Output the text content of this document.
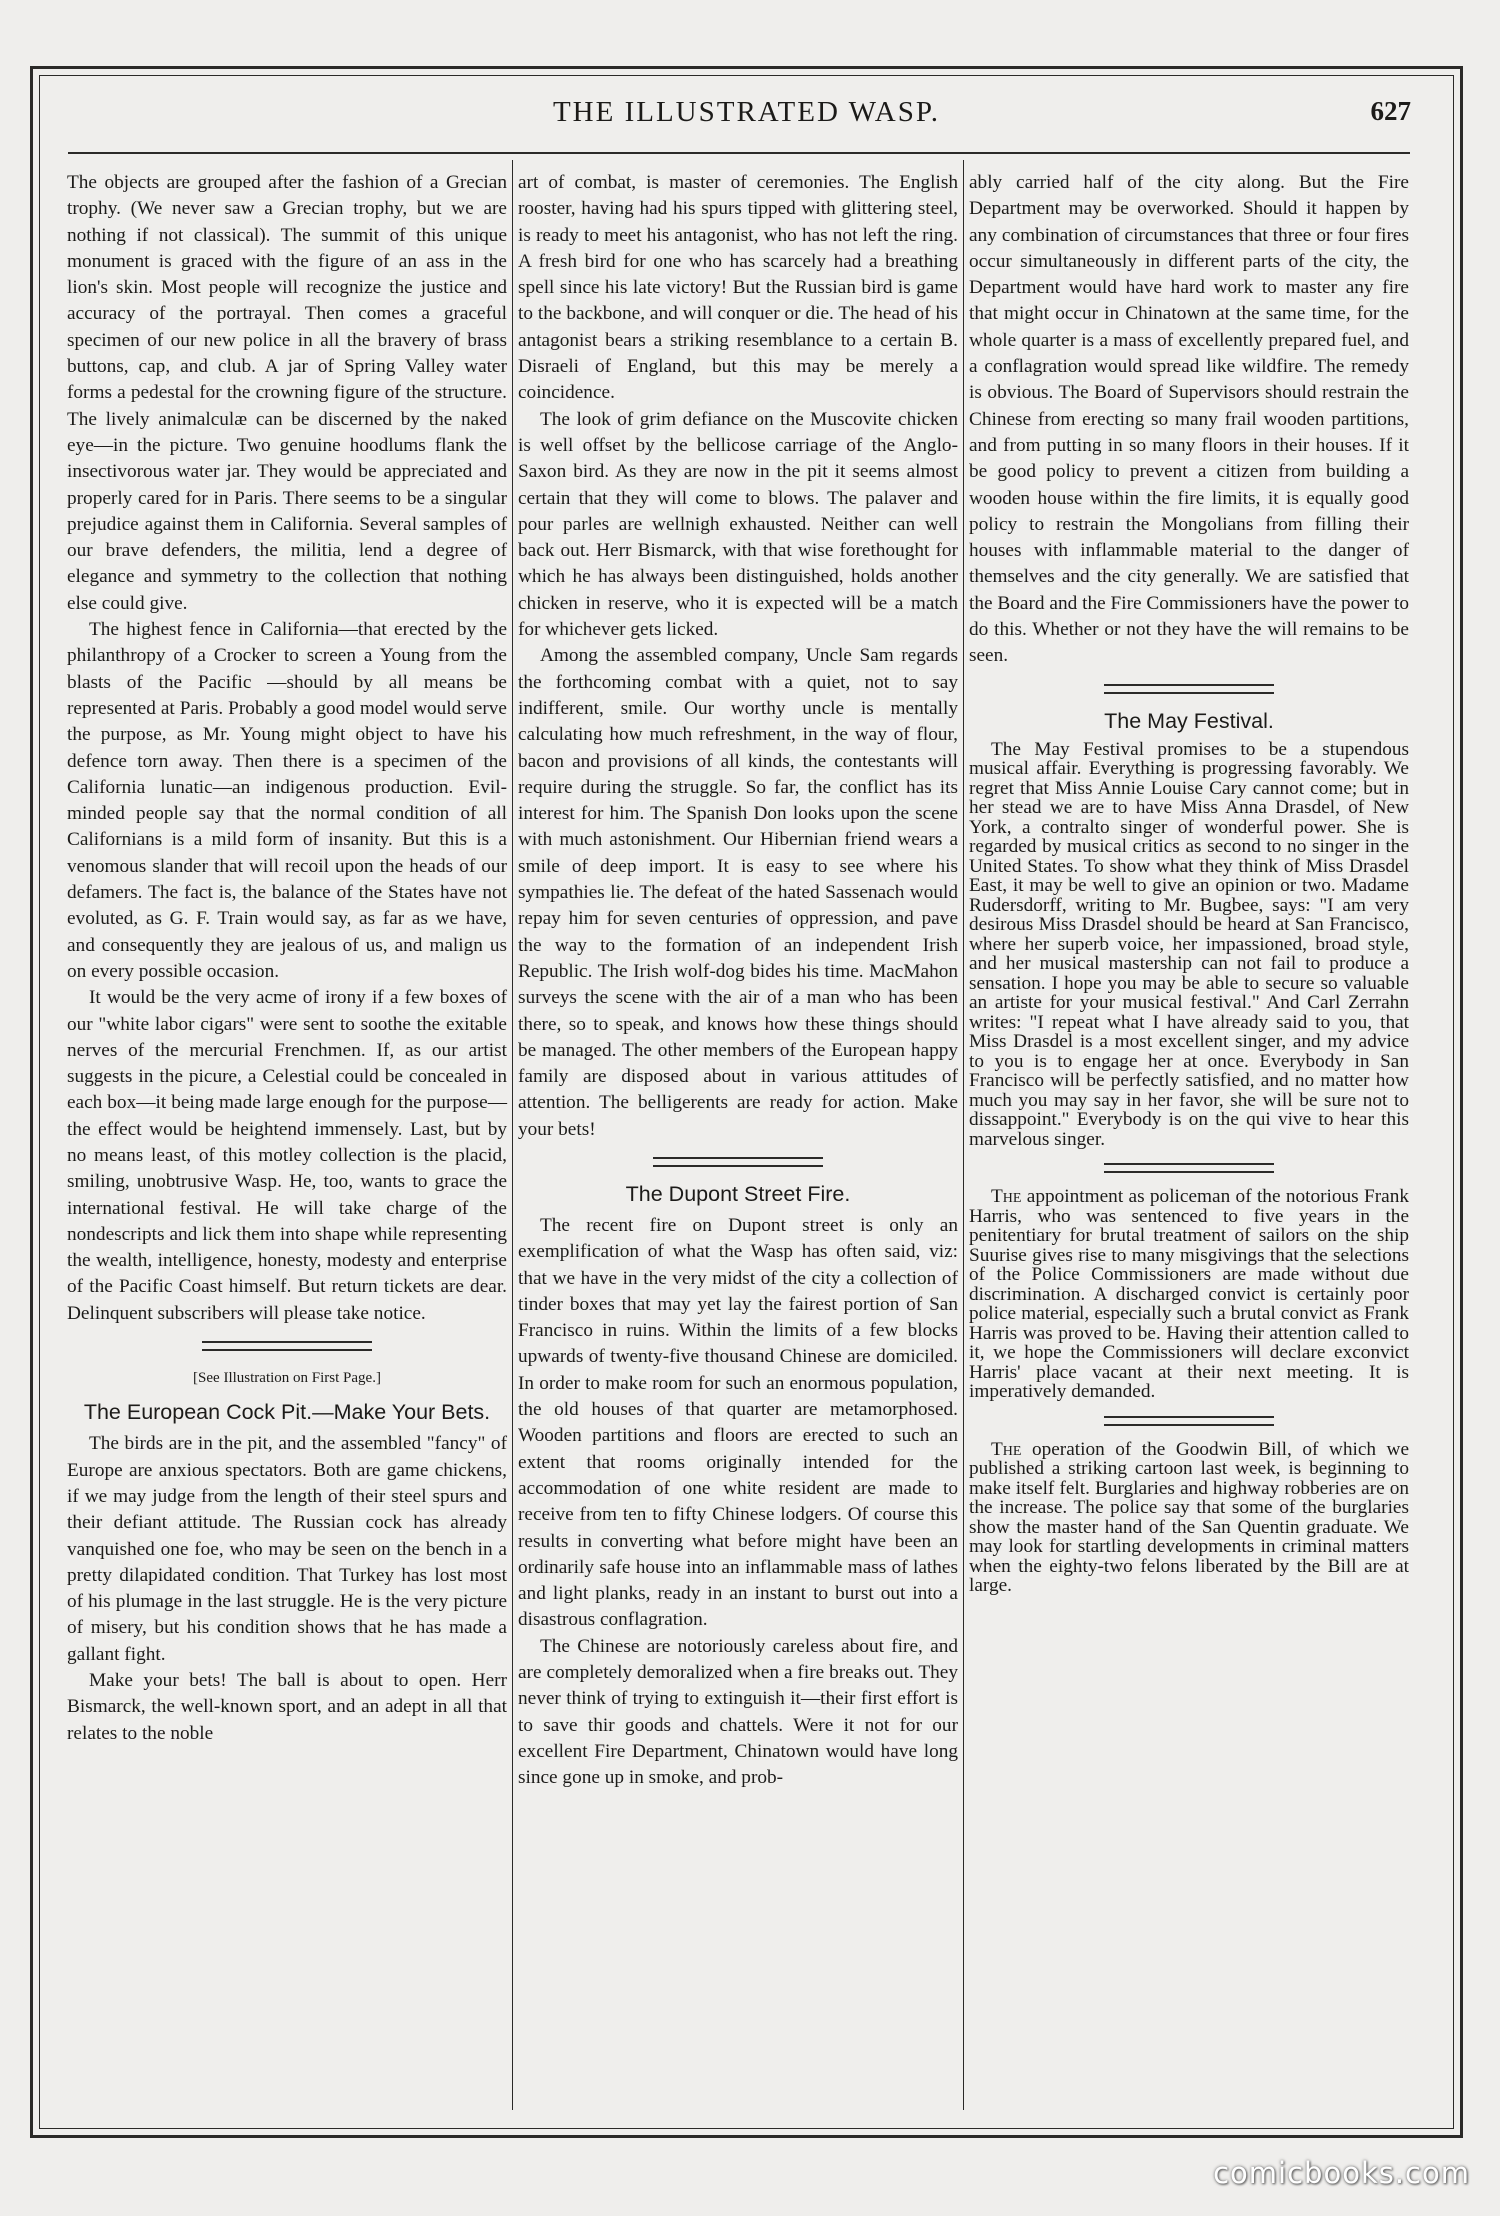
THE ILLUSTRATED WASP.	627

The objects are grouped after the fashion of a Grecian trophy. (We never saw a Grecian trophy, but we are nothing if not classical). The summit of this unique monument is graced with the figure of an ass in the lion's skin. Most people will recognize the justice and accuracy of the portrayal. Then comes a graceful specimen of our new police in all the bravery of brass buttons, cap, and club. A jar of Spring Valley water forms a pedestal for the crowning figure of the structure. The lively animalculæ can be discerned by the naked eye—in the picture. Two genuine hoodlums flank the insectivorous water jar. They would be appreciated and properly cared for in Paris. There seems to be a singular prejudice against them in California. Several samples of our brave defenders, the militia, lend a degree of elegance and symmetry to the collection that nothing else could give.

The highest fence in California—that erected by the philanthropy of a Crocker to screen a Young from the blasts of the Pacific —should by all means be represented at Paris. Probably a good model would serve the purpose, as Mr. Young might object to have his defence torn away. Then there is a specimen of the California lunatic—an indigenous production. Evil-minded people say that the normal condition of all Californians is a mild form of insanity. But this is a venomous slander that will recoil upon the heads of our defamers. The fact is, the balance of the States have not evoluted, as G. F. Train would say, as far as we have, and consequently they are jealous of us, and malign us on every possible occasion.

It would be the very acme of irony if a few boxes of our "white labor cigars" were sent to soothe the exitable nerves of the mercurial Frenchmen. If, as our artist suggests in the picure, a Celestial could be concealed in each box—it being made large enough for the purpose—the effect would be heightend immensely. Last, but by no means least, of this motley collection is the placid, smiling, unobtrusive Wasp. He, too, wants to grace the international festival. He will take charge of the nondescripts and lick them into shape while representing the wealth, intelligence, honesty, modesty and enterprise of the Pacific Coast himself. But return tickets are dear. Delinquent subscribers will please take notice.

[See Illustration on First Page.]

The European Cock Pit.—Make Your Bets.

The birds are in the pit, and the assembled "fancy" of Europe are anxious spectators. Both are game chickens, if we may judge from the length of their steel spurs and their defiant attitude. The Russian cock has already vanquished one foe, who may be seen on the bench in a pretty dilapidated condition. That Turkey has lost most of his plumage in the last struggle. He is the very picture of misery, but his condition shows that he has made a gallant fight.

Make your bets! The ball is about to open. Herr Bismarck, the well-known sport, and an adept in all that relates to the noble

art of combat, is master of ceremonies. The English rooster, having had his spurs tipped with glittering steel, is ready to meet his antagonist, who has not left the ring. A fresh bird for one who has scarcely had a breathing spell since his late victory! But the Russian bird is game to the backbone, and will conquer or die. The head of his antagonist bears a striking resemblance to a certain B. Disraeli of England, but this may be merely a coincidence.

The look of grim defiance on the Muscovite chicken is well offset by the bellicose carriage of the Anglo-Saxon bird. As they are now in the pit it seems almost certain that they will come to blows. The palaver and pour parles are wellnigh exhausted. Neither can well back out. Herr Bismarck, with that wise forethought for which he has always been distinguished, holds another chicken in reserve, who it is expected will be a match for whichever gets licked.

Among the assembled company, Uncle Sam regards the forthcoming combat with a quiet, not to say indifferent, smile. Our worthy uncle is mentally calculating how much refreshment, in the way of flour, bacon and provisions of all kinds, the contestants will require during the struggle. So far, the conflict has its interest for him. The Spanish Don looks upon the scene with much astonishment. Our Hibernian friend wears a smile of deep import. It is easy to see where his sympathies lie. The defeat of the hated Sassenach would repay him for seven centuries of oppression, and pave the way to the formation of an independent Irish Republic. The Irish wolf-dog bides his time. MacMahon surveys the scene with the air of a man who has been there, so to speak, and knows how these things should be managed. The other members of the European happy family are disposed about in various attitudes of attention. The belligerents are ready for action. Make your bets!

The Dupont Street Fire.

The recent fire on Dupont street is only an exemplification of what the Wasp has often said, viz: that we have in the very midst of the city a collection of tinder boxes that may yet lay the fairest portion of San Francisco in ruins. Within the limits of a few blocks upwards of twenty-five thousand Chinese are domiciled. In order to make room for such an enormous population, the old houses of that quarter are metamorphosed. Wooden partitions and floors are erected to such an extent that rooms originally intended for the accommodation of one white resident are made to receive from ten to fifty Chinese lodgers. Of course this results in converting what before might have been an ordinarily safe house into an inflammable mass of lathes and light planks, ready in an instant to burst out into a disastrous conflagration.

The Chinese are notoriously careless about fire, and are completely demoralized when a fire breaks out. They never think of trying to extinguish it—their first effort is to save thir goods and chattels. Were it not for our excellent Fire Department, Chinatown would have long since gone up in smoke, and prob-

ably carried half of the city along. But the Fire Department may be overworked. Should it happen by any combination of circumstances that three or four fires occur simultaneously in different parts of the city, the Department would have hard work to master any fire that might occur in Chinatown at the same time, for the whole quarter is a mass of excellently prepared fuel, and a conflagration would spread like wildfire. The remedy is obvious. The Board of Supervisors should restrain the Chinese from erecting so many frail wooden partitions, and from putting in so many floors in their houses. If it be good policy to prevent a citizen from building a wooden house within the fire limits, it is equally good policy to restrain the Mongolians from filling their houses with inflammable material to the danger of themselves and the city generally. We are satisfied that the Board and the Fire Commissioners have the power to do this. Whether or not they have the will remains to be seen.

The May Festival.

The May Festival promises to be a stupendous musical affair. Everything is progressing favorably. We regret that Miss Annie Louise Cary cannot come; but in her stead we are to have Miss Anna Drasdel, of New York, a contralto singer of wonderful power. She is regarded by musical critics as second to no singer in the United States. To show what they think of Miss Drasdel East, it may be well to give an opinion or two. Madame Rudersdorff, writing to Mr. Bugbee, says: "I am very desirous Miss Drasdel should be heard at San Francisco, where her superb voice, her impassioned, broad style, and her musical mastership can not fail to produce a sensation. I hope you may be able to secure so valuable an artiste for your musical festival." And Carl Zerrahn writes: "I repeat what I have already said to you, that Miss Drasdel is a most excellent singer, and my advice to you is to engage her at once. Everybody in San Francisco will be perfectly satisfied, and no matter how much you may say in her favor, she will be sure not to dissappoint." Everybody is on the qui vive to hear this marvelous singer.

The appointment as policeman of the notorious Frank Harris, who was sentenced to five years in the penitentiary for brutal treatment of sailors on the ship Suurise gives rise to many misgivings that the selections of the Police Commissioners are made without due discrimination. A discharged convict is certainly poor police material, especially such a brutal convict as Frank Harris was proved to be. Having their attention called to it, we hope the Commissioners will declare exconvict Harris' place vacant at their next meeting. It is imperatively demanded.

The operation of the Goodwin Bill, of which we published a striking cartoon last week, is beginning to make itself felt. Burglaries and highway robberies are on the increase. The police say that some of the burglaries show the master hand of the San Quentin graduate. We may look for startling developments in criminal matters when the eighty-two felons liberated by the Bill are at large.

comicbooks.com
